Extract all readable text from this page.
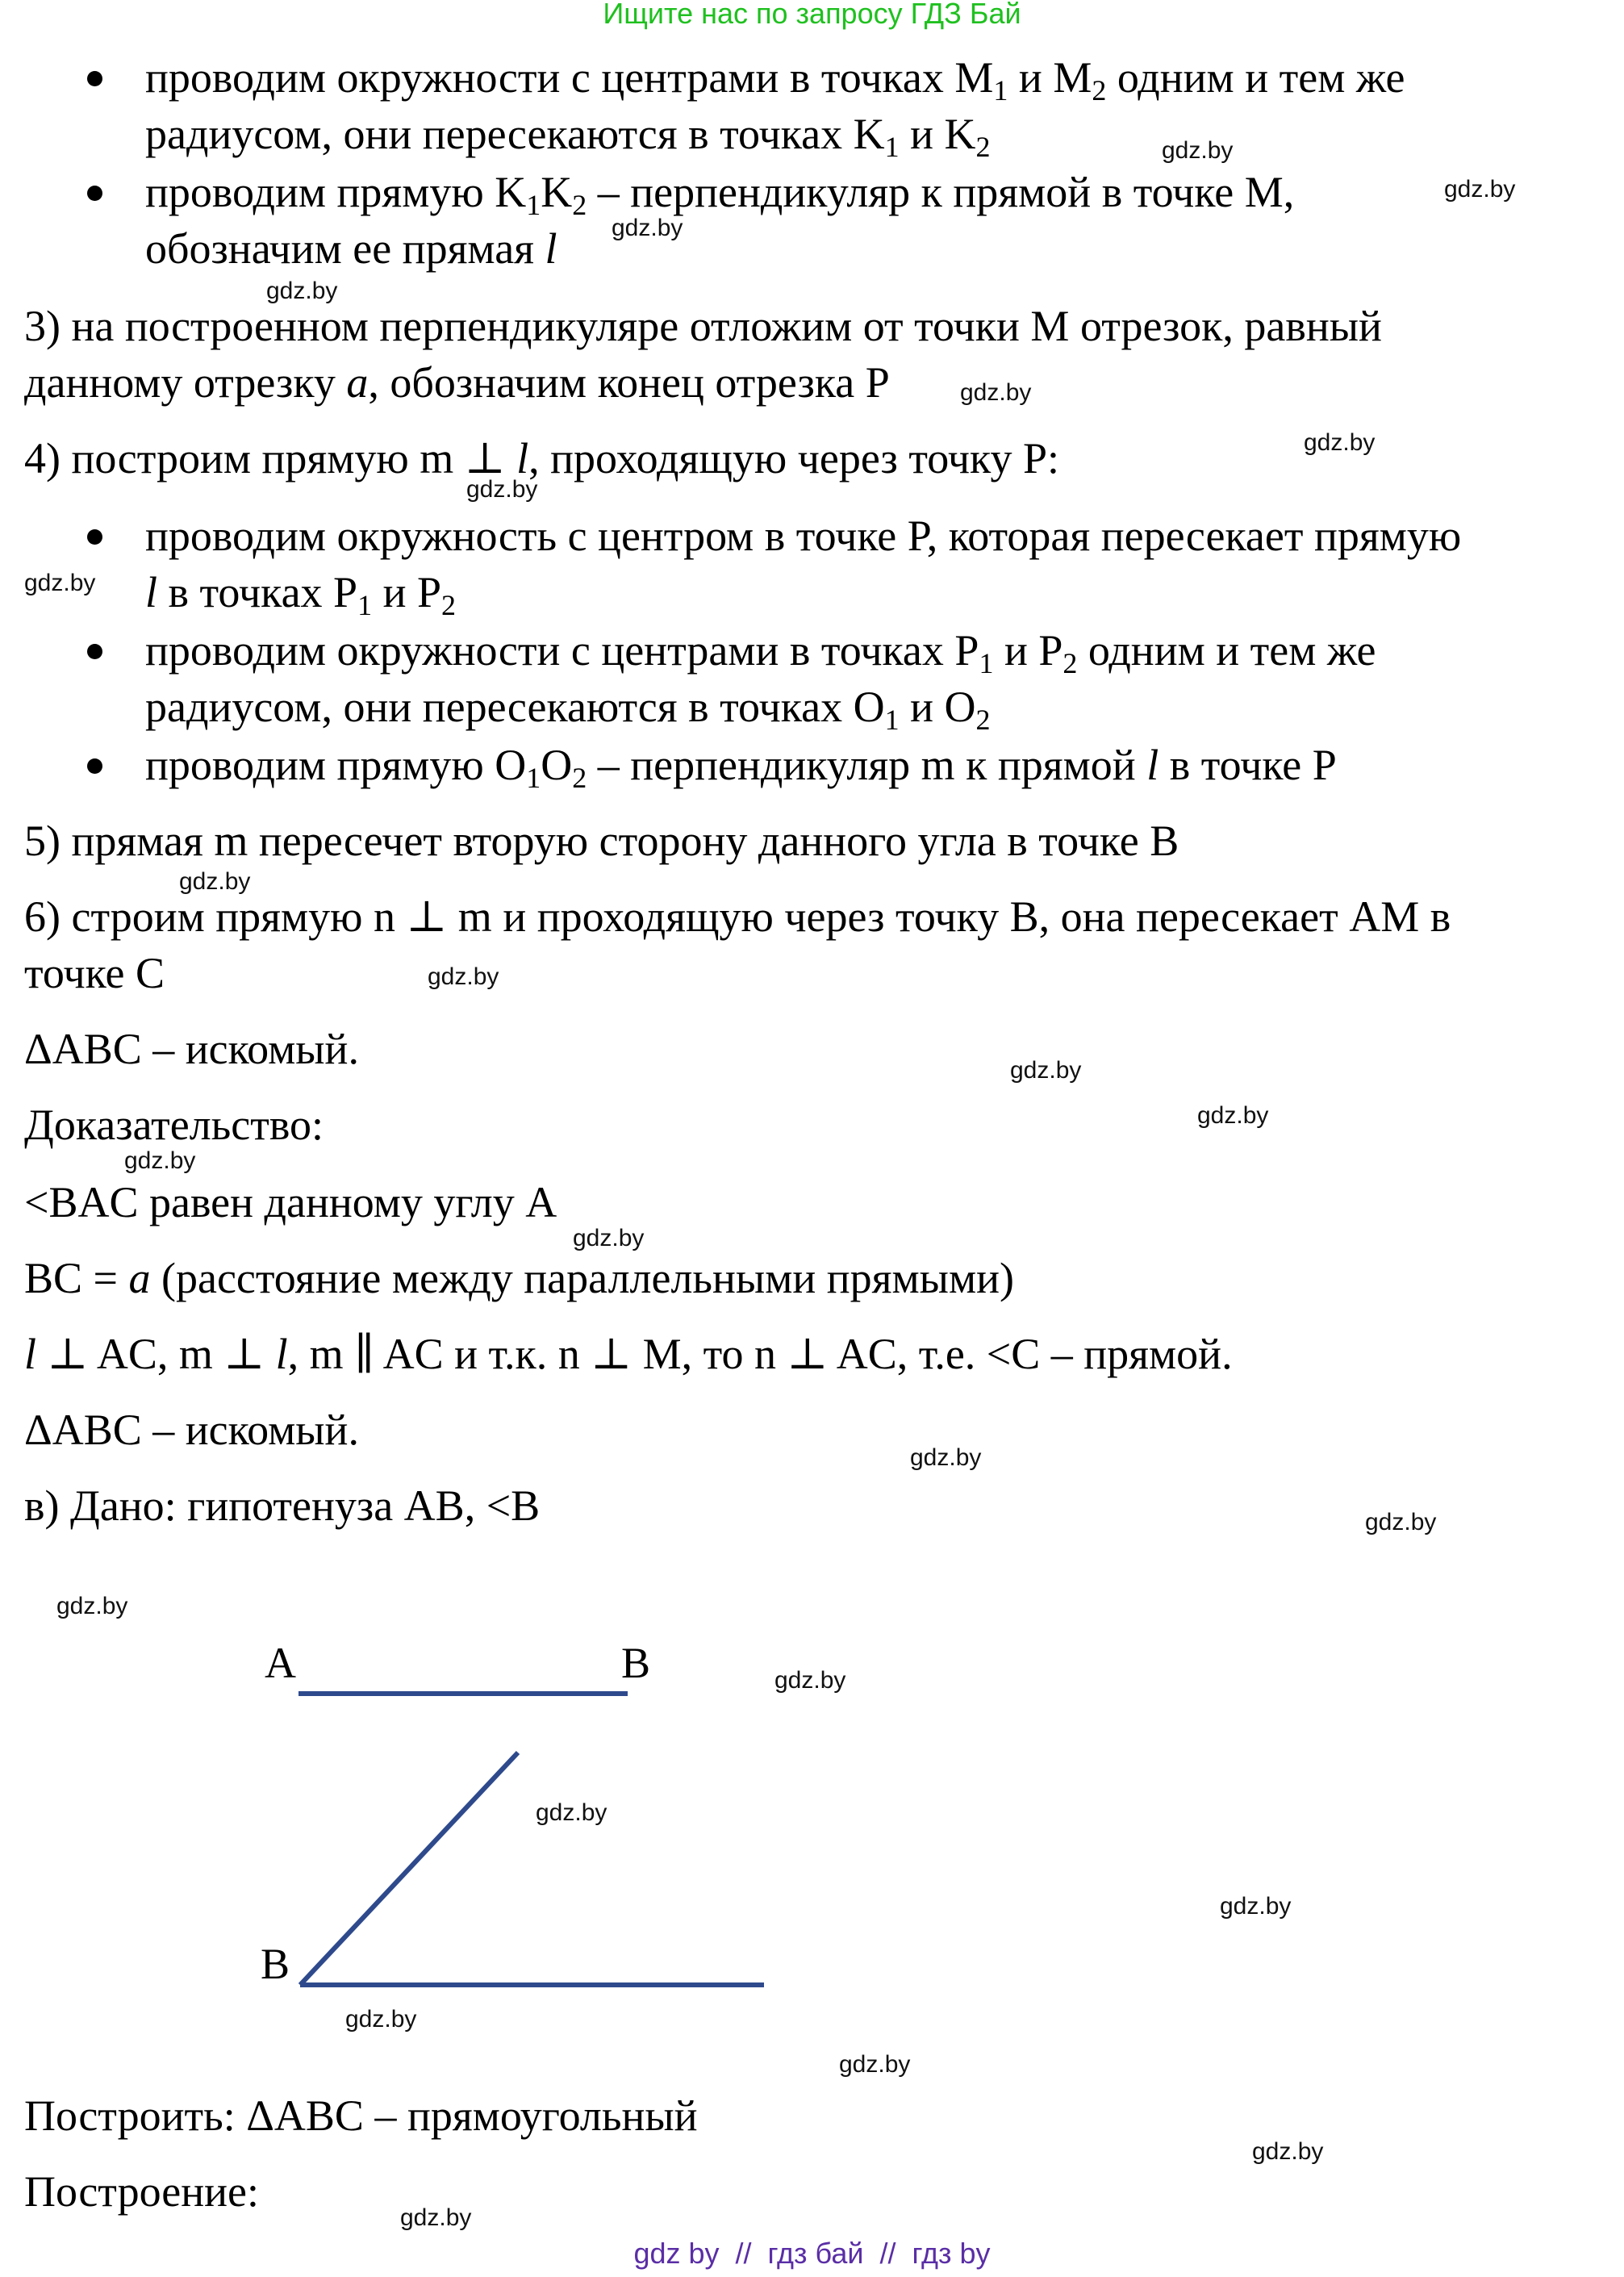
Ищите нас по запросу ГДЗ Бай
проводим окружности с центрами в точках $M_1$ и $M_2$ одним и тем же
радиусом, они пересекаются в точках $K_1$ и $K_2$
проводим прямую $K_1K_2$ – перпендикуляр к прямой в точке M,
обозначим ее прямая l
3) на построенном перпендикуляре отложим от точки M отрезок, равный
данному отрезку a, обозначим конец отрезка P
4) построим прямую m ⊥ l, проходящую через точку P:
проводим окружность с центром в точке P, которая пересекает прямую
l в точках $P_1$ и $P_2$
проводим окружности с центрами в точках $P_1$ и $P_2$ одним и тем же
радиусом, они пересекаются в точках $O_1$ и $O_2$
проводим прямую $O_1O_2$ – перпендикуляр m к прямой l в точке P
5) прямая m пересечет вторую сторону данного угла в точке B
6) строим прямую n ⊥ m и проходящую через точку B, она пересекает AM в
точке C
ΔABC – искомый.
Доказательство:
<BAC равен данному углу A
BC = a (расстояние между параллельными прямыми)
l ⊥ AC, m ⊥ l, m ∥ AC и т.к. n ⊥ M, то n ⊥ AC, т.е. <C – прямой.
ΔABC – искомый.
в) Дано: гипотенуза AB, <B
A	B
B
Построить: ΔABC – прямоугольный
Построение:
gdz.by
gdz.by
gdz.by
gdz.by
gdz.by
gdz.by
gdz.by
gdz.by
gdz.by
gdz.by
gdz.by
gdz.by
gdz.by
gdz.by
gdz.by
gdz.by
gdz.by
gdz.by
gdz.by
gdz.by
gdz.by
gdz.by
gdz.by
gdz.by
gdz by // гдз бай // гдз by
